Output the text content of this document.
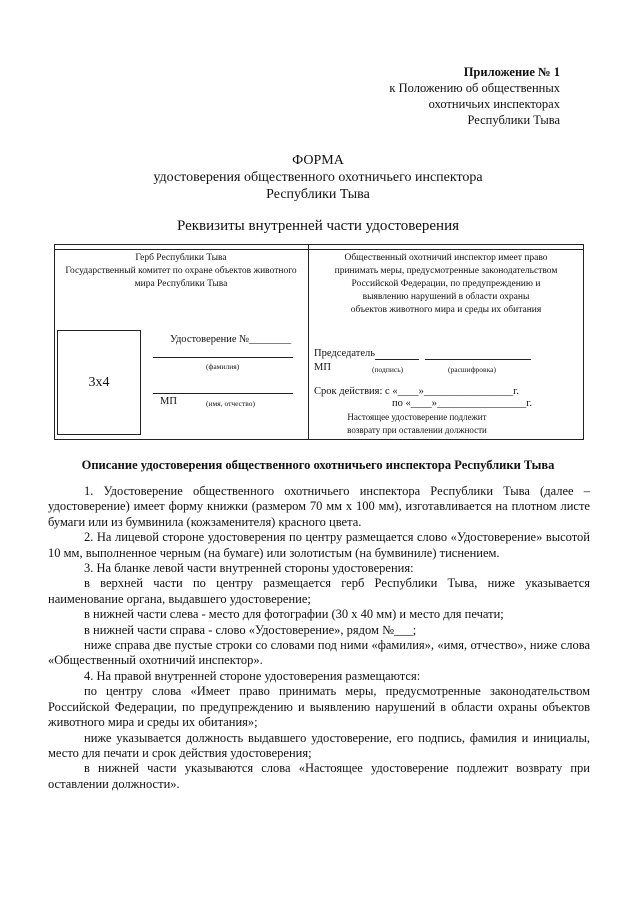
Приложение № 1
к Положению об общественных
охотничьих инспекторах
Республики Тыва
ФОРМА
удостоверения общественного охотничьего инспектора
Республики Тыва
Реквизиты внутренней части удостоверения
Герб Республики Тыва
Государственный комитет по охране объектов животного
мира Республики Тыва
3х4
Удостоверение №________
(фамилия)
МП	(имя, отчество)
Общественный охотничий инспектор имеет право
принимать меры, предусмотренные законодательством
Российской Федерации, по предупреждению и
выявлению нарушений в области охраны
объектов животного мира и среды их обитания
Председатель
МП	(подпись)	(расшифровка)
Срок действия: с «____»_________________г.
по «____»_________________г.
Настоящее удостоверение подлежит
возврату при оставлении должности
Описание удостоверения общественного охотничьего инспектора Республики Тыва

1. Удостоверение общественного охотничьего инспектора Республики Тыва (далее – удостоверение) имеет форму книжки (размером 70 мм х 100 мм), изготавливается на плотном листе бумаги или из бумвинила (кожзаменителя) красного цвета.

2. На лицевой стороне удостоверения по центру размещается слово «Удостоверение» высотой 10 мм, выполненное черным (на бумаге) или золотистым (на бумвиниле) тиснением.

3. На бланке левой части внутренней стороны удостоверения:

в верхней части по центру размещается герб Республики Тыва, ниже указывается наименование органа, выдавшего удостоверение;

в нижней части слева - место для фотографии (30 х 40 мм) и место для печати;

в нижней части справа - слово «Удостоверение», рядом №___;

ниже справа две пустые строки со словами под ними «фамилия», «имя, отчество», ниже слова «Общественный охотничий инспектор».

4. На правой внутренней стороне удостоверения размещаются:

по центру слова «Имеет право принимать меры, предусмотренные законодательством Российской Федерации, по предупреждению и выявлению нарушений в области охраны объектов животного мира и среды их обитания»;

ниже указывается должность выдавшего удостоверение, его подпись, фамилия и инициалы, место для печати и срок действия удостоверения;

в нижней части указываются слова «Настоящее удостоверение подлежит возврату при оставлении должности».
